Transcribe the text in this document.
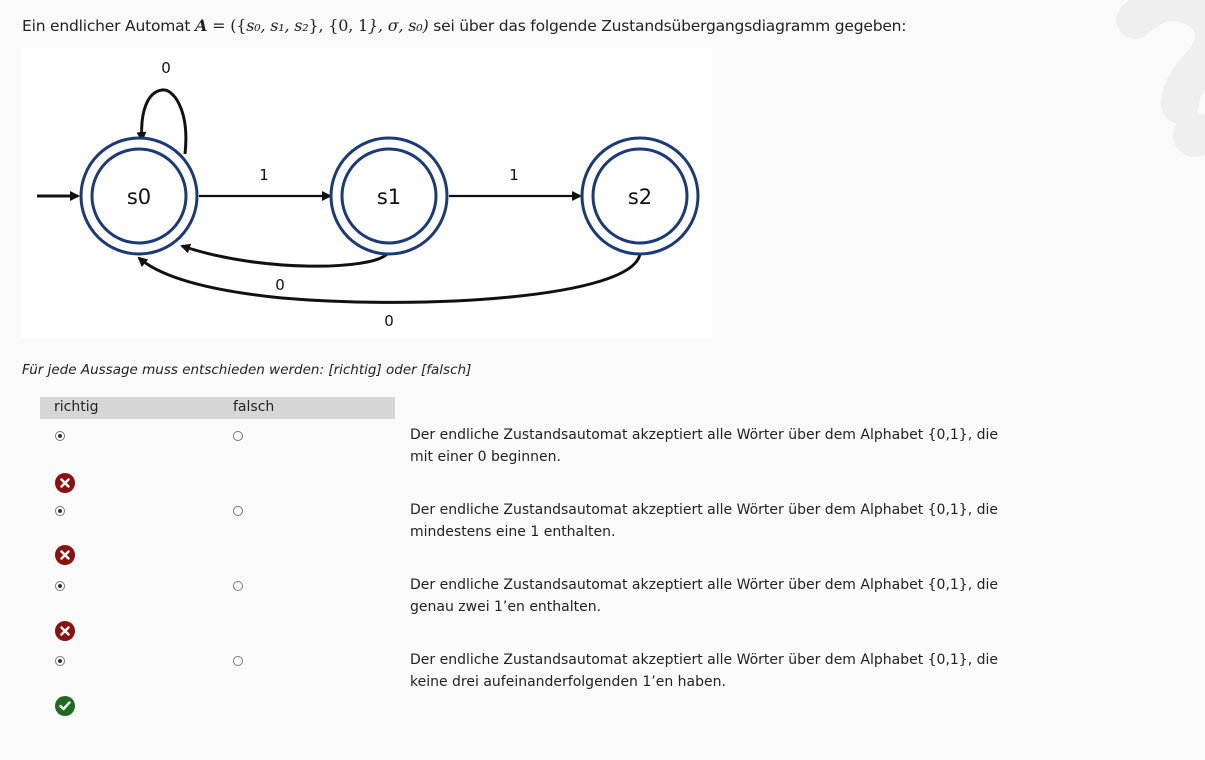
Ein endlicher Automat A = ({s₀, s₁, s₂}, {0, 1}, σ, s₀) sei über das folgende Zustandsübergangsdiagramm gegeben:
s0	s1	s2
0
1	1
0
0
Für jede Aussage muss entschieden werden: [richtig] oder [falsch]
richtig	falsch
Der endliche Zustandsautomat akzeptiert alle Wörter über dem Alphabet {0,1}, die
mit einer 0 beginnen.
Der endliche Zustandsautomat akzeptiert alle Wörter über dem Alphabet {0,1}, die
mindestens eine 1 enthalten.
Der endliche Zustandsautomat akzeptiert alle Wörter über dem Alphabet {0,1}, die
genau zwei 1’en enthalten.
Der endliche Zustandsautomat akzeptiert alle Wörter über dem Alphabet {0,1}, die
keine drei aufeinanderfolgenden 1’en haben.
